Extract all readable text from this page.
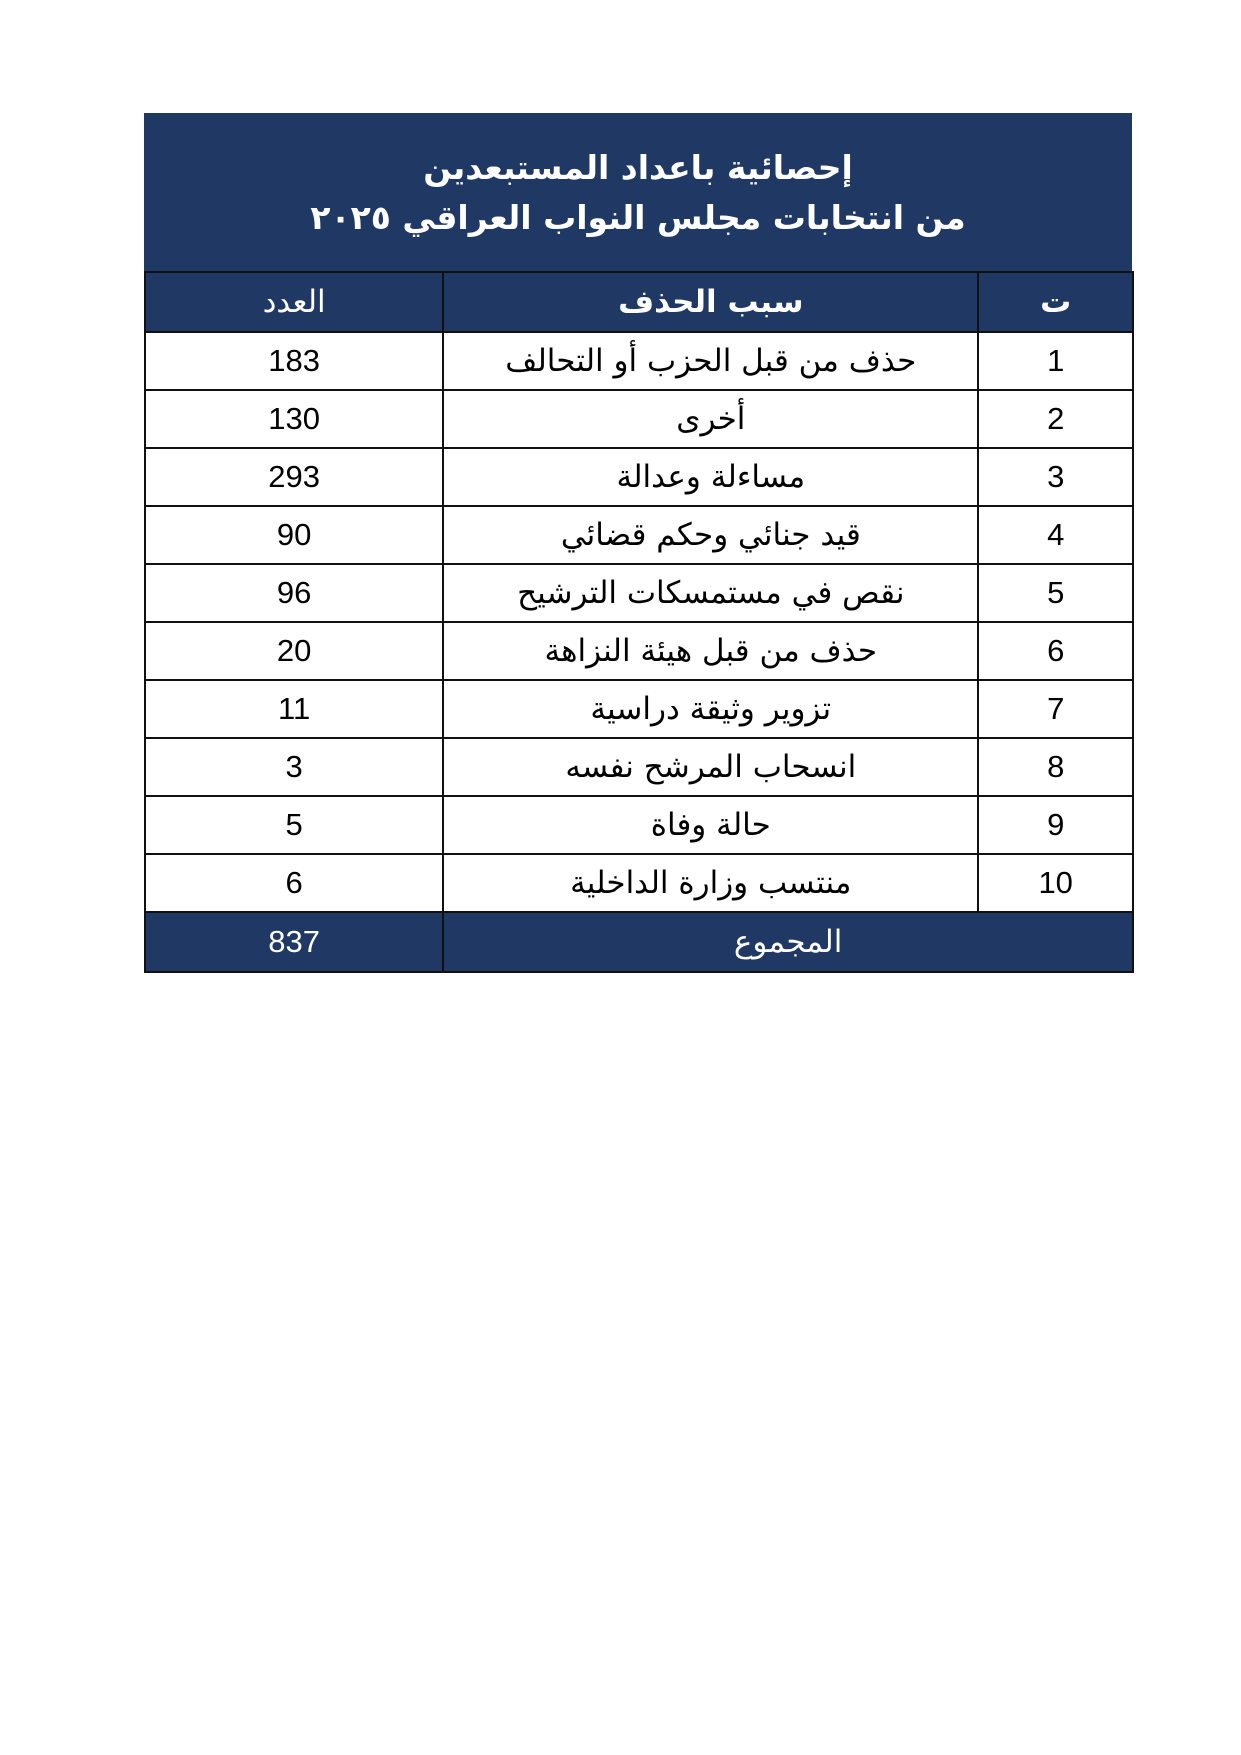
إحصائية باعداد المستبعدين
من انتخابات مجلس النواب العراقي ٢٠٢٥
ت	سبب الحذف	العدد
1	حذف من قبل الحزب أو التحالف	183
2	أخرى	130
3	مساءلة وعدالة	293
4	قيد جنائي وحكم قضائي	90
5	نقص في مستمسكات الترشيح	96
6	حذف من قبل هيئة النزاهة	20
7	تزوير وثيقة دراسية	11
8	انسحاب المرشح نفسه	3
9	حالة وفاة	5
10	منتسب وزارة الداخلية	6
المجموع		837
